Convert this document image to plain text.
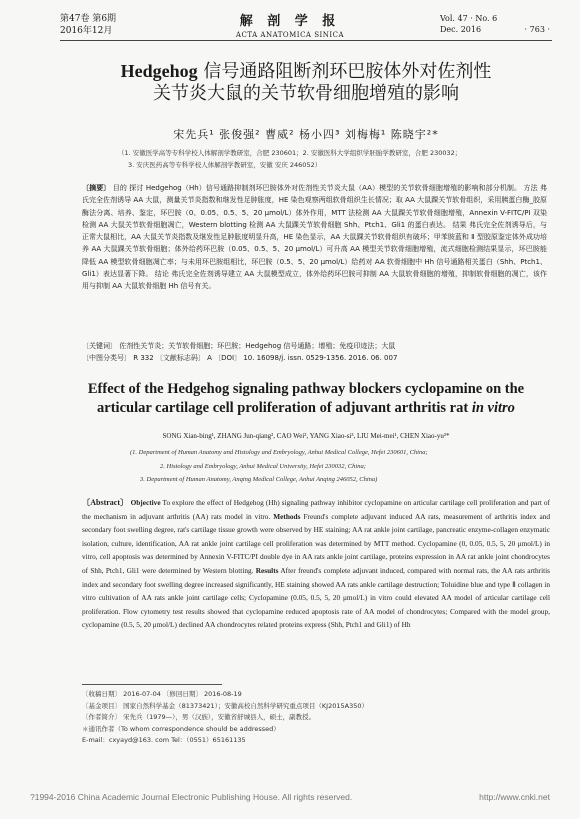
第47卷 第6期
2016年12月
解 剖 学 报
ACTA ANATOMICA SINICA
Vol. 47 · No. 6
Dec. 2016	· 763 ·
Hedgehog 信号通路阻断剂环巴胺体外对佐剂性
关节炎大鼠的关节软骨细胞增殖的影响
宋先兵¹ 张俊强² 曹威² 杨小四³ 刘梅梅¹ 陈晓宇²*
（1. 安徽医学高等专科学校人体解剖学教研室，合肥 230601；2. 安徽医科大学组织学胚胎学教研室，合肥 230032；
3. 安庆医药高等专科学校人体解剖学教研室，安徽 安庆 246052）
〔摘要〕 目的 探讨 Hedgehog（Hh）信号通路抑制剂环巴胺体外对佐剂性关节炎大鼠（AA）模型的关节软骨细胞增殖的影响和部分机制。 方法 弗氏完全佐剂诱导 AA 大鼠，测量关节炎指数和继发性足肿胀度，HE 染色观察两组软骨组织生长情况；取 AA 大鼠踝关节软骨组织，采用胰蛋白酶_胶原酶法分离、培养、鉴定，环巴胺（0、0.05、0.5、5、20 μmol/L）体外作用，MTT 法检测 AA 大鼠踝关节软骨细胞增殖，Annexin V-FITC/PI 双染检测 AA 大鼠关节软骨细胞凋亡，Western blotting 检测 AA 大鼠踝关节软骨细胞 Shh、Ptch1、Gli1 的蛋白表达。 结果 弗氏完全佐剂诱导后，与正常大鼠相比，AA 大鼠关节炎指数及继发性足肿胀度明显升高，HE 染色显示，AA 大鼠踝关节软骨组织有破坏；甲苯胺蓝和 Ⅱ 型胶原鉴定体外成功培养 AA 大鼠踝关节软骨细胞；体外给药环巴胺（0.05、0.5、5、20 μmol/L）可升高 AA 模型关节软骨细胞增殖，流式细胞检测结果显示，环巴胺能降低 AA 模型软骨细胞凋亡率；与未用环巴胺组相比，环巴胺（0.5、5、20 μmol/L）给药对 AA 软骨细胞中 Hh 信号通路相关蛋白（Shh、Ptch1、Gli1）表达显著下降。 结论 弗氏完全佐剂诱导建立 AA 大鼠模型成立，体外给药环巴胺可抑制 AA 大鼠软骨细胞的增殖，抑制软骨细胞的凋亡，该作用与抑制 AA 大鼠软骨细胞 Hh 信号有关。
〔关键词〕 佐剂性关节炎；关节软骨细胞；环巴胺；Hedgehog 信号通路；增殖；免疫印迹法；大鼠
〔中图分类号〕 R 332 〔文献标志码〕 A 〔DOI〕 10. 16098/j. issn. 0529-1356. 2016. 06. 007
Effect of the Hedgehog signaling pathway blockers cyclopamine on the
articular cartilage cell proliferation of adjuvant arthritis rat in vitro
SONG Xian-bing¹, ZHANG Jun-qiang², CAO Wei², YANG Xiao-si³, LIU Mei-mei¹, CHEN Xiao-yu²*
(1. Department of Human Anatomy and Histology and Embryology, Anhui Medical College, Hefei 230601, China;
2. Histology and Embryology, Anhui Medical University, Hefei 230032, China;
3. Department of Human Anatomy, Anqing Medical College, Anhui Anqing 246052, China)
〔Abstract〕 Objective To explore the effect of Hedgehog (Hh) signaling pathway inhibitor cyclopamine on articular cartilage cell proliferation and part of the mechanism in adjuvant arthritis (AA) rats model in vitro. Methods Freund's complete adjuvant induced AA rats, measurement of arthritis index and secondary foot swelling degree, rat's cartilage tissue growth were observed by HE staining; AA rat ankle joint cartilage, pancreatic enzyme-collagen enzymatic isolation, culture, identification, AA rat ankle joint cartilage cell proliferation was determined by MTT method. Cyclopamine (0, 0.05, 0.5, 5, 20 μmol/L) in vitro, cell apoptosis was determined by Annexin V-FITC/PI double dye in AA rats ankle joint cartilage, proteins expression in AA rat ankle joint chondrocytes of Shh, Ptch1, Gli1 were determined by Western blotting. Results After freund's complete adjuvant induced, compared with normal rats, the AA rats arthritis index and secondary foot swelling degree increased significantly, HE staining showed AA rats ankle cartilage destruction; Toluidine blue and type Ⅱ collagen in vitro cultivation of AA rats ankle joint cartilage cells; Cyclopamine (0.05, 0.5, 5, 20 μmol/L) in vitro could elevated AA model of articular cartilage cell proliferation. Flow cytometry test results showed that cyclopamine reduced apoptosis rate of AA model of chondrocytes; Compared with the model group, cyclopamine (0.5, 5, 20 μmol/L) declined AA chondrocytes related proteins express (Shh, Ptch1 and Gli1) of Hh
〔收稿日期〕 2016-07-04 〔修回日期〕 2016-08-19
〔基金项目〕 国家自然科学基金（81373421）；安徽高校自然科学研究重点项目（KJ2015A350）
〔作者简介〕 宋先兵（1979—），男（汉族），安徽省舒城县人，硕士，副教授。
＊通讯作者（To whom correspondence should be addressed）
E-mail：cxyayd@163. com Tel：（0551）65161135
?1994-2016 China Academic Journal Electronic Publishing House. All rights reserved.	http://www.cnki.net
